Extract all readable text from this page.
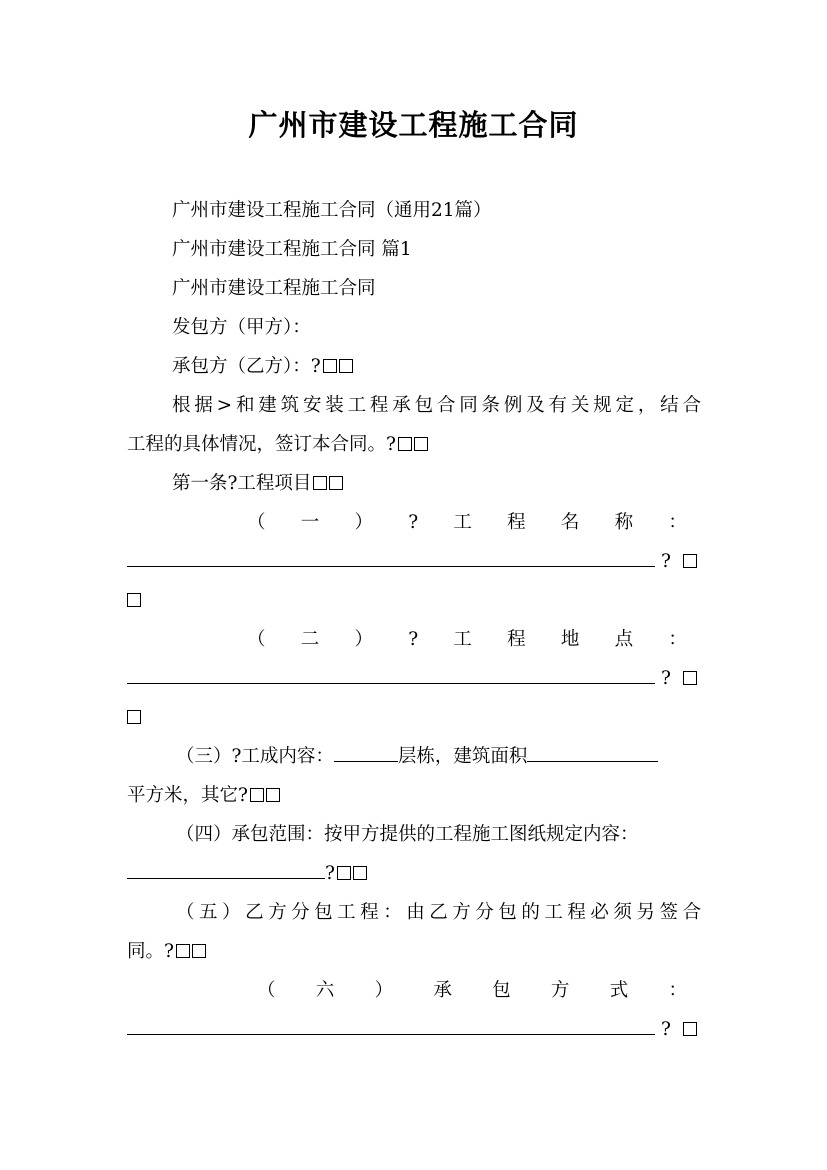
广州市建设工程施工合同
广州市建设工程施工合同（通用21篇）
广州市建设工程施工合同 篇1
广州市建设工程施工合同
发包方（甲方）：
承包方（乙方）：?
根据>和建筑安装工程承包合同条例及有关规定，结合
工程的具体情况，签订本合同。?
第一条?工程项目
（ 一 ） ? 工 程 名 称 ：
?
（ 二 ） ? 工 程 地 点 ：
?
（三）?工成内容：	层栋，建筑面积
平方米，其它?
（四）承包范围：按甲方提供的工程施工图纸规定内容：
?
（五）乙方分包工程：由乙方分包的工程必须另签合
同。?
（ 六 ） 承 包 方 式 ：
?
